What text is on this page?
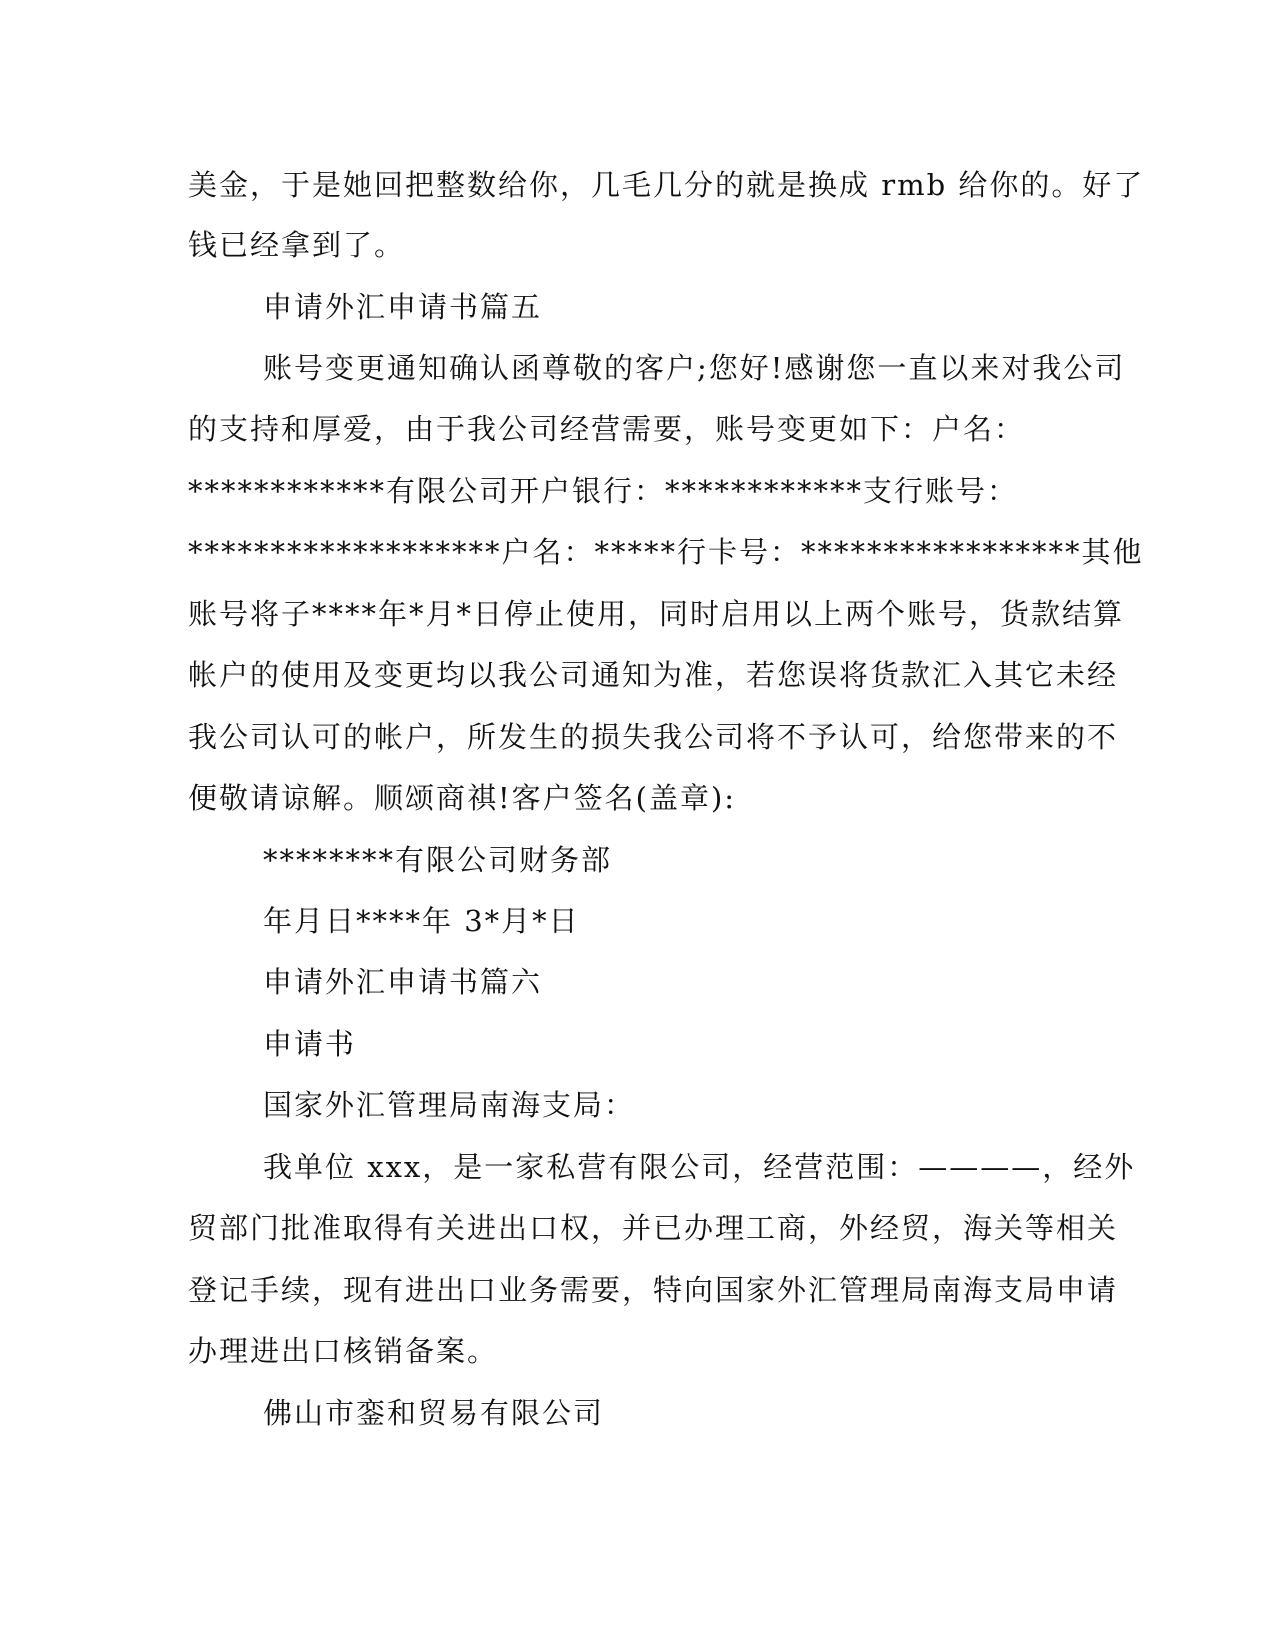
美金，于是她回把整数给你，几毛几分的就是换成 rmb 给你的。好了
钱已经拿到了。
申请外汇申请书篇五
账号变更通知确认函尊敬的客户;您好!感谢您一直以来对我公司
的支持和厚爱，由于我公司经营需要，账号变更如下：户名：
************有限公司开户银行：************支行账号：
*******************户名：*****行卡号：*****************其他
账号将子****年*月*日停止使用，同时启用以上两个账号，货款结算
帐户的使用及变更均以我公司通知为准，若您误将货款汇入其它未经
我公司认可的帐户，所发生的损失我公司将不予认可，给您带来的不
便敬请谅解。顺颂商祺!客户签名(盖章):
********有限公司财务部
年月日****年 3*月*日
申请外汇申请书篇六
申请书
国家外汇管理局南海支局：
我单位 xxx，是一家私营有限公司，经营范围：————，经外
贸部门批准取得有关进出口权，并已办理工商，外经贸，海关等相关
登记手续，现有进出口业务需要，特向国家外汇管理局南海支局申请
办理进出口核销备案。
佛山市銮和贸易有限公司
